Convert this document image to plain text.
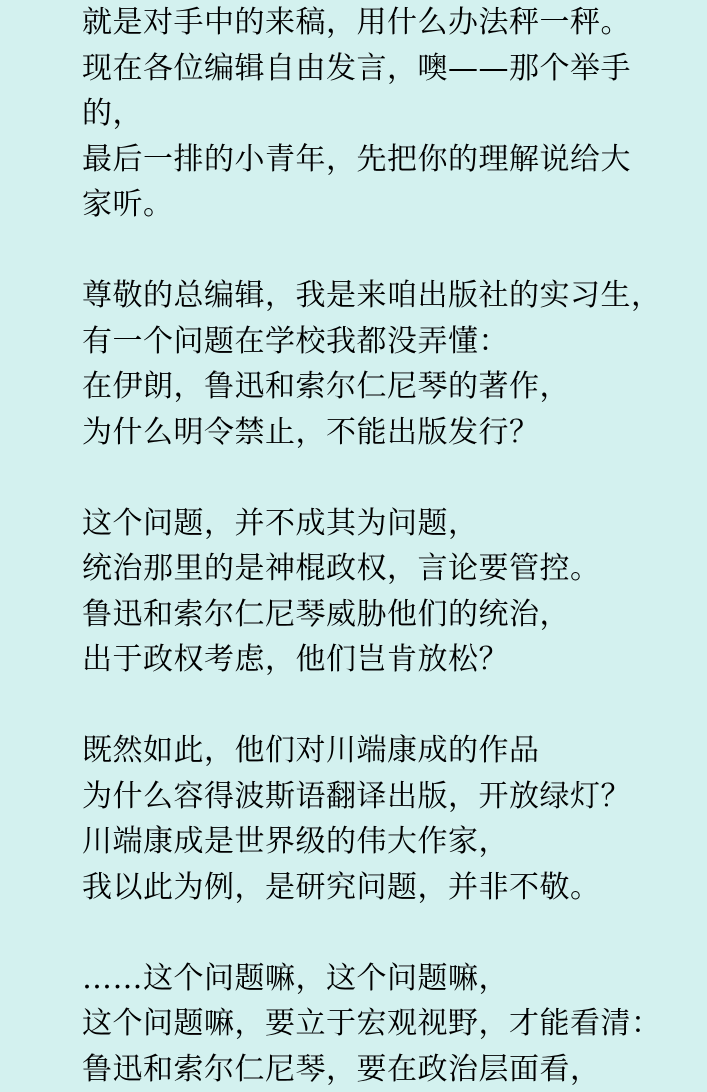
就是对手中的来稿，用什么办法秤一秤。
现在各位编辑自由发言，噢——那个举手
的，
最后一排的小青年，先把你的理解说给大
家听。
尊敬的总编辑，我是来咱出版社的实习生，
有一个问题在学校我都没弄懂：
在伊朗，鲁迅和索尔仁尼琴的著作，
为什么明令禁止，不能出版发行？
这个问题，并不成其为问题，
统治那里的是神棍政权，言论要管控。
鲁迅和索尔仁尼琴威胁他们的统治，
出于政权考虑，他们岂肯放松？
既然如此，他们对川端康成的作品
为什么容得波斯语翻译出版，开放绿灯？
川端康成是世界级的伟大作家，
我以此为例，是研究问题，并非不敬。
……这个问题嘛，这个问题嘛，
这个问题嘛，要立于宏观视野，才能看清：
鲁迅和索尔仁尼琴，要在政治层面看，
